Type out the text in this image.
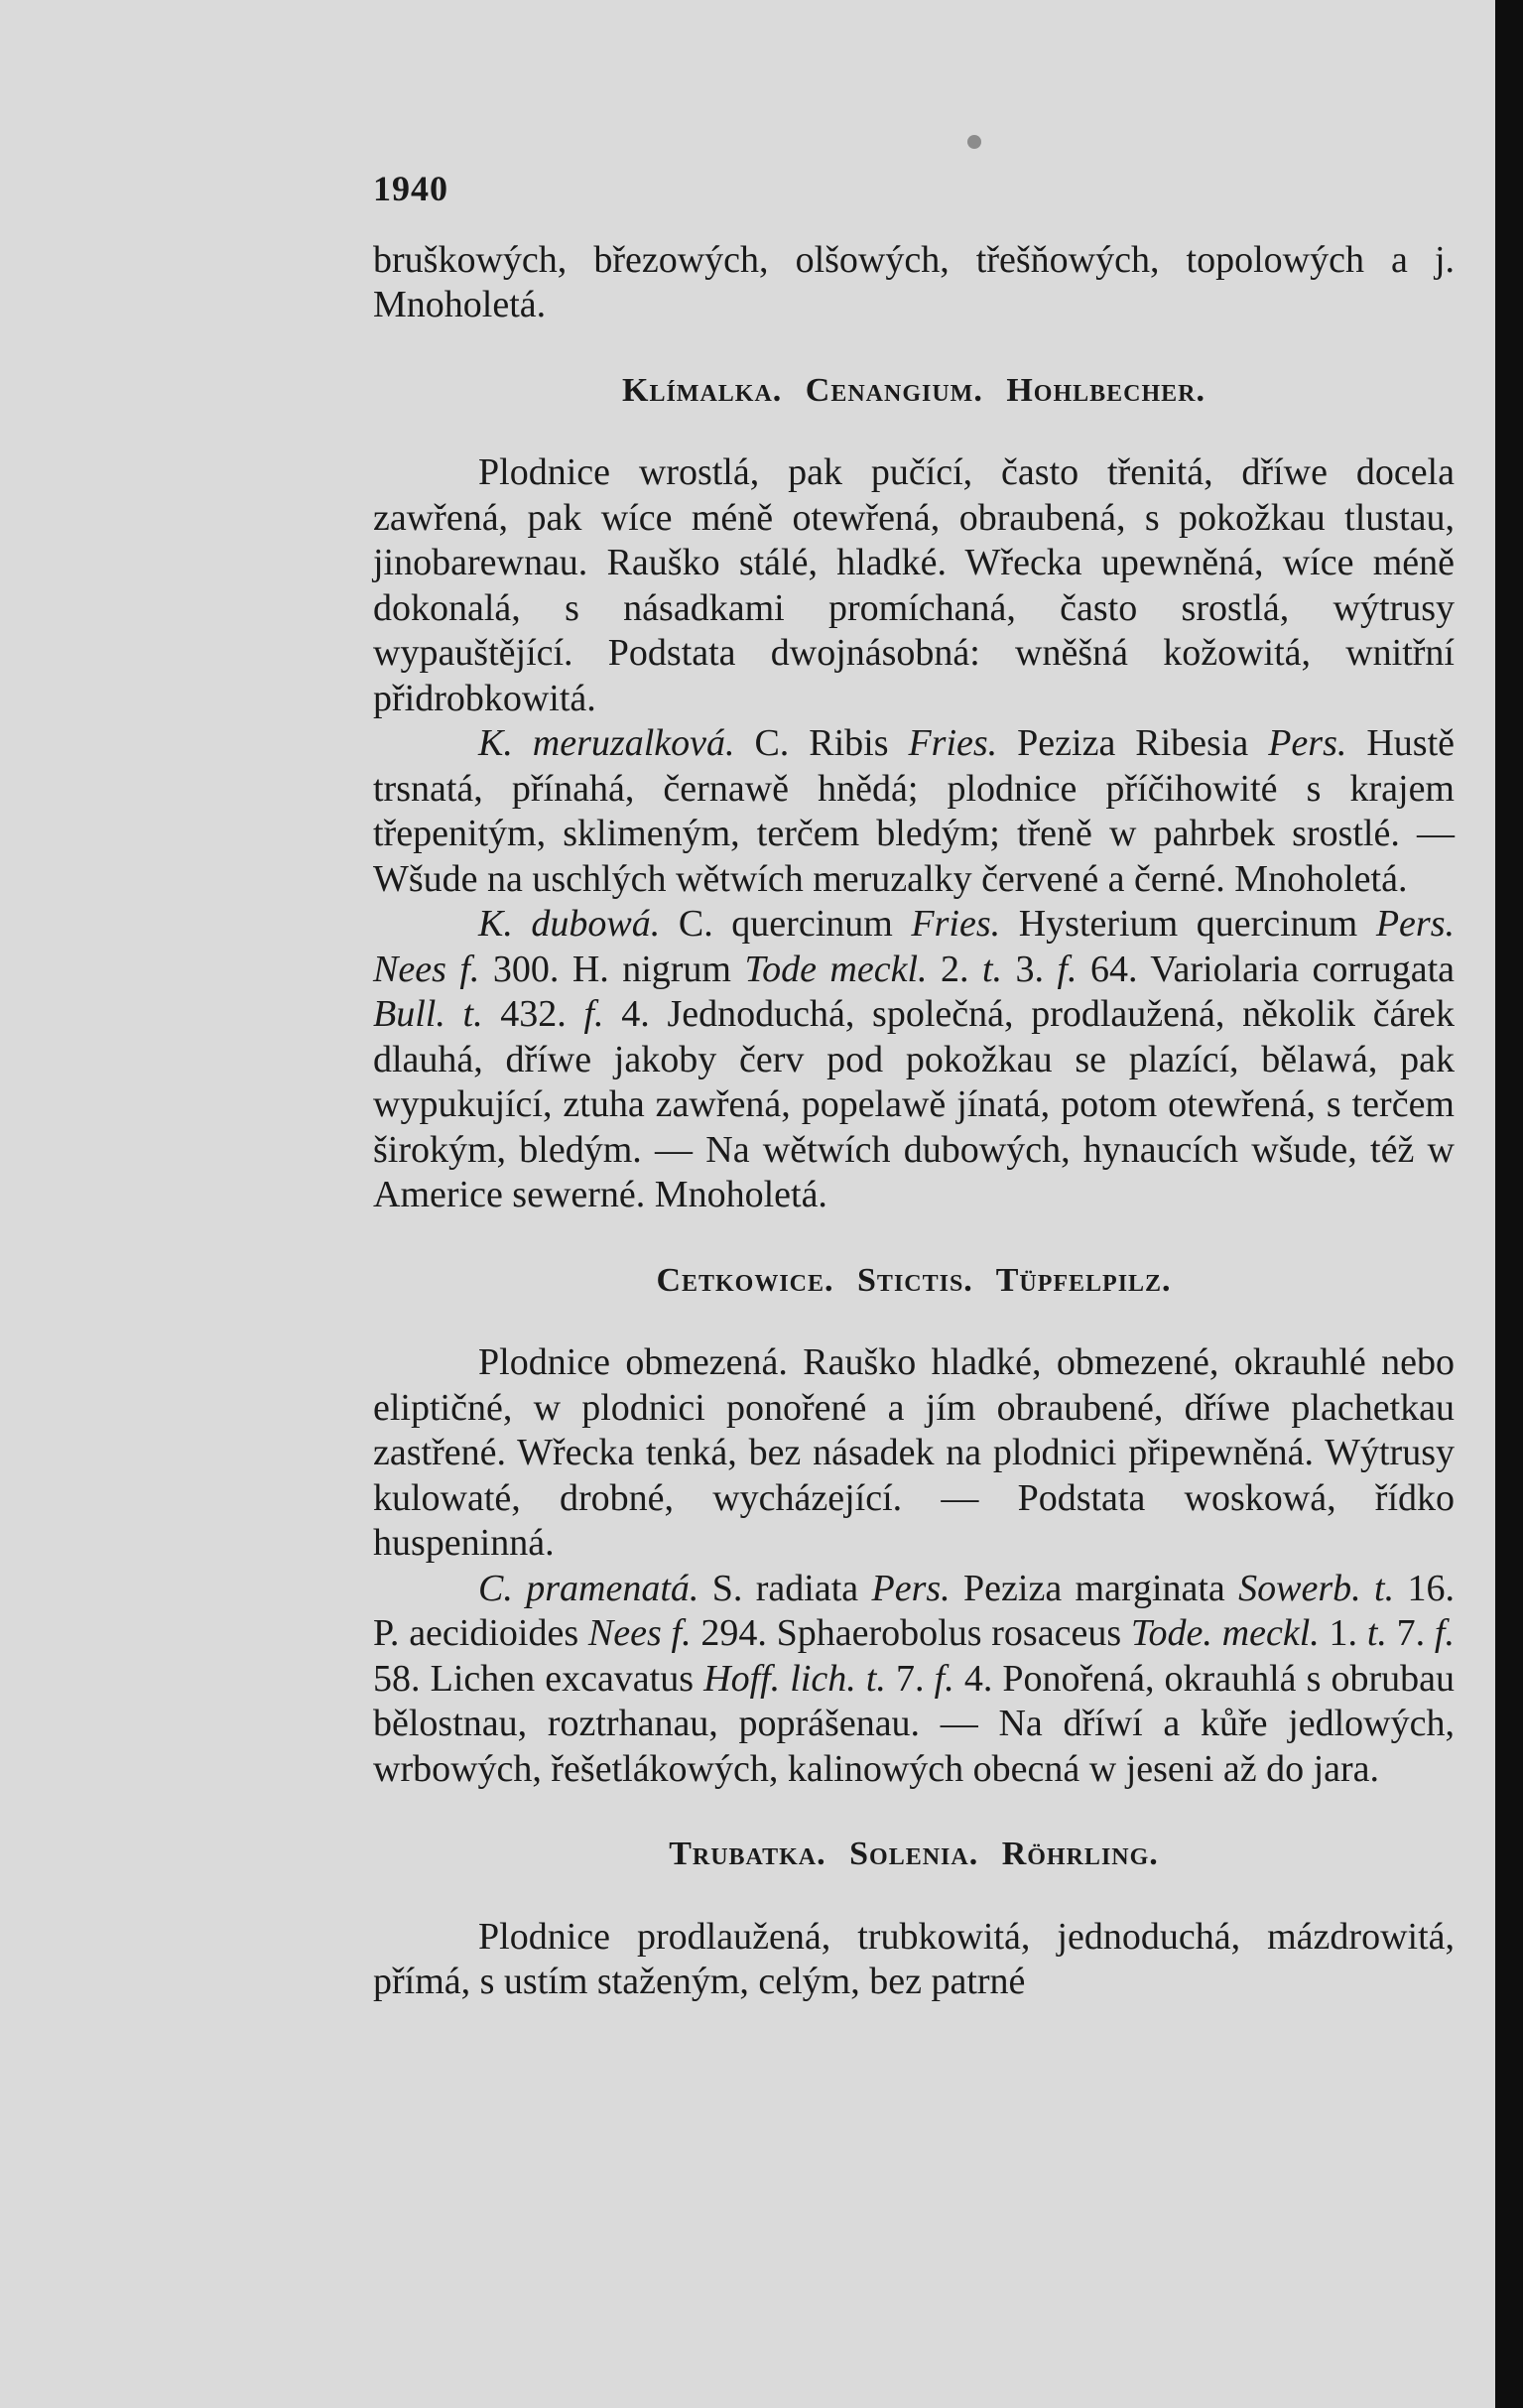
1940

bruškowých, březowých, olšowých, třešňowých, topolowých a j. Mnoholetá.

Klímalka. Cenangium. Hohlbecher.

Plodnice wrostlá, pak pučící, často třenitá, dříwe docela zawřená, pak wíce méně otewřená, obraubená, s pokožkau tlustau, jinobarewnau. Rauško stálé, hladké. Wřecka upewněná, wíce méně dokonalá, s násadkami promíchaná, často srostlá, wýtrusy wypauštějící. Podstata dwojnásobná: wněšná kožowitá, wnitřní přidrobkowitá.

K. meruzalková. C. Ribis Fries. Peziza Ribesia Pers. Hustě trsnatá, přínahá, černawě hnědá; plodnice příčihowité s krajem třepenitým, sklimeným, terčem bledým; třeně w pahrbek srostlé. — Wšude na uschlých wětwích meruzalky červené a černé. Mnoholetá.

K. dubowá. C. quercinum Fries. Hysterium quercinum Pers. Nees f. 300. H. nigrum Tode meckl. 2. t. 3. f. 64. Variolaria corrugata Bull. t. 432. f. 4. Jednoduchá, společná, prodlaužená, několik čárek dlauhá, dříwe jakoby červ pod pokožkau se plazící, bělawá, pak wypukující, ztuha zawřená, popelawě jínatá, potom otewřená, s terčem širokým, bledým. — Na wětwích dubowých, hynaucích wšude, též w Americe sewerné. Mnoholetá.

Cetkowice. Stictis. Tüpfelpilz.

Plodnice obmezená. Rauško hladké, obmezené, okrauhlé nebo eliptičné, w plodnici ponořené a jím obraubené, dříwe plachetkau zastřené. Wřecka tenká, bez násadek na plodnici připewněná. Wýtrusy kulowaté, drobné, wycházející. — Podstata woskowá, řídko huspeninná.

C. pramenatá. S. radiata Pers. Peziza marginata Sowerb. t. 16. P. aecidioides Nees f. 294. Sphaerobolus rosaceus Tode. meckl. 1. t. 7. f. 58. Lichen excavatus Hoff. lich. t. 7. f. 4. Ponořená, okrauhlá s obrubau bělostnau, roztrhanau, poprášenau. — Na dříwí a kůře jedlowých, wrbowých, řešetlákowých, kalinowých obecná w jeseni až do jara.

Trubatka. Solenia. Röhrling.

Plodnice prodlaužená, trubkowitá, jednoduchá, mázdrowitá, přímá, s ustím staženým, celým, bez patrné
